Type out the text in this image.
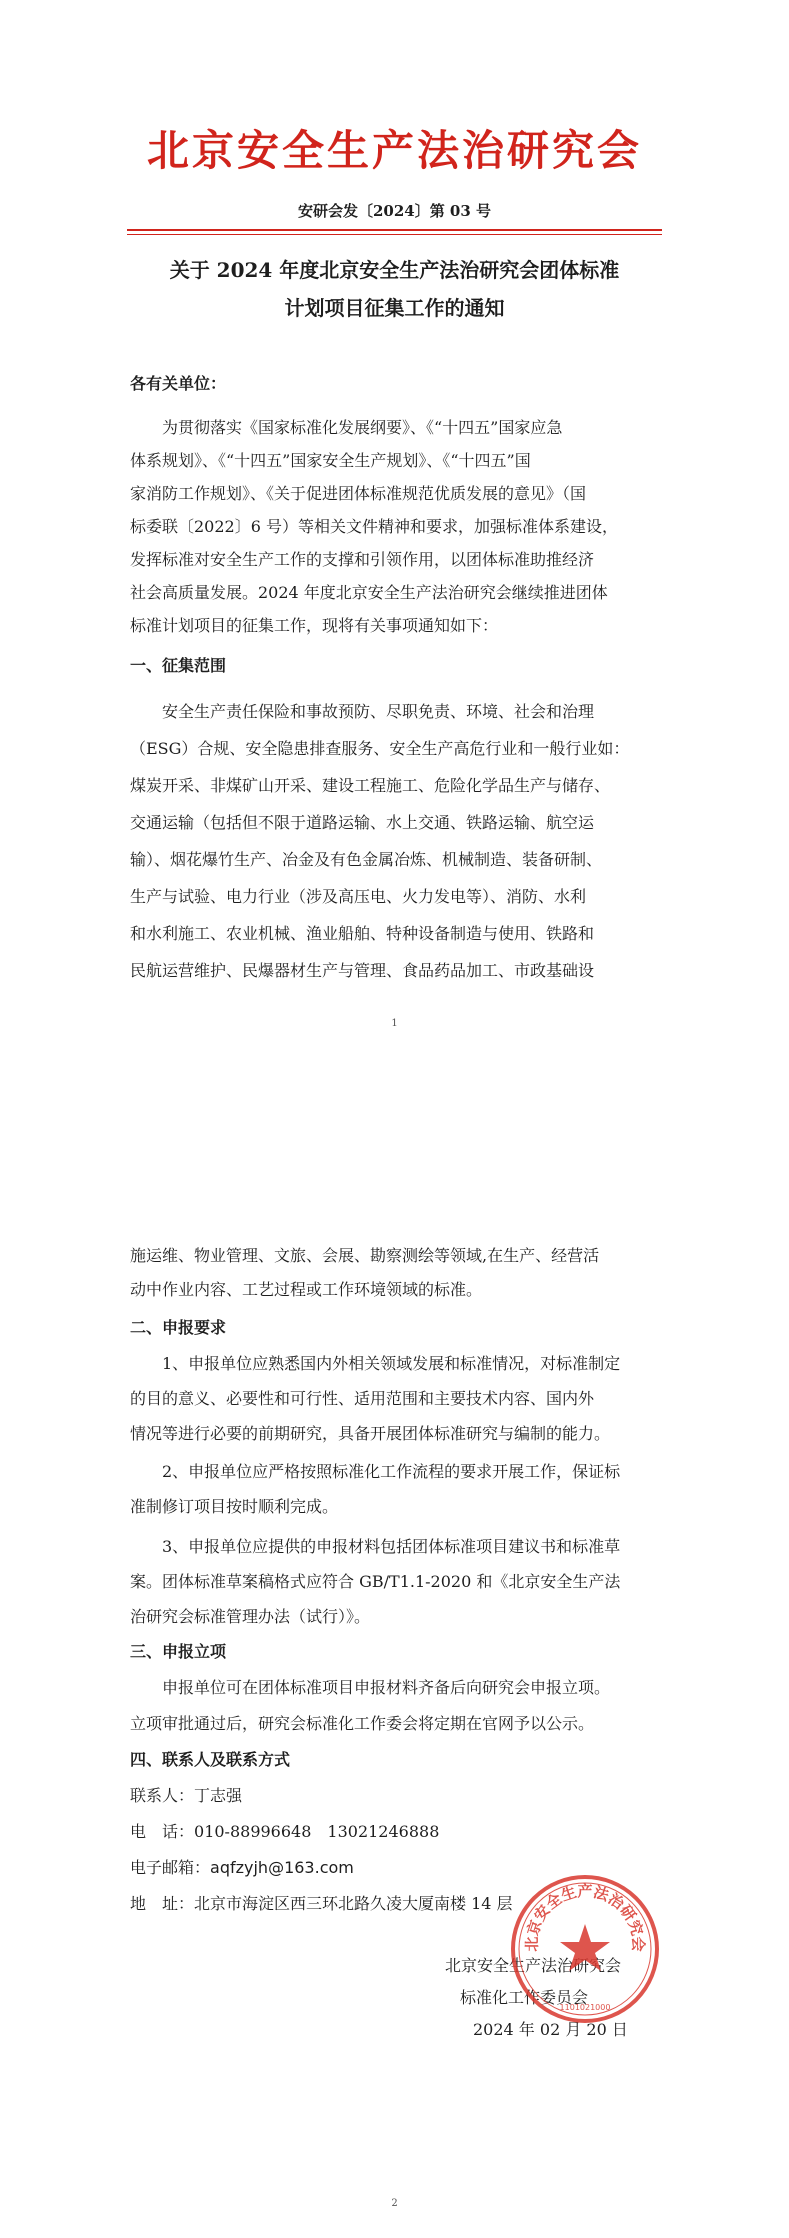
北京安全生产法治研究会
安研会发〔2024〕第 03 号
关于 2024 年度北京安全生产法治研究会团体标准
计划项目征集工作的通知
各有关单位：
为贯彻落实《国家标准化发展纲要》、《“十四五”国家应急
体系规划》、《“十四五”国家安全生产规划》、《“十四五”国
家消防工作规划》、《关于促进团体标准规范优质发展的意见》（国
标委联〔2022〕6 号）等相关文件精神和要求，加强标准体系建设，
发挥标准对安全生产工作的支撑和引领作用，以团体标准助推经济
社会高质量发展。2024 年度北京安全生产法治研究会继续推进团体
标准计划项目的征集工作，现将有关事项通知如下：
一、征集范围
安全生产责任保险和事故预防、尽职免责、环境、社会和治理
（ESG）合规、安全隐患排查服务、安全生产高危行业和一般行业如：
煤炭开采、非煤矿山开采、建设工程施工、危险化学品生产与储存、
交通运输（包括但不限于道路运输、水上交通、铁路运输、航空运
输）、烟花爆竹生产、冶金及有色金属冶炼、机械制造、装备研制、
生产与试验、电力行业（涉及高压电、火力发电等）、消防、水利
和水利施工、农业机械、渔业船舶、特种设备制造与使用、铁路和
民航运营维护、民爆器材生产与管理、食品药品加工、市政基础设
1
施运维、物业管理、文旅、会展、勘察测绘等领域,在生产、经营活
动中作业内容、工艺过程或工作环境领域的标准。
二、申报要求
1、申报单位应熟悉国内外相关领域发展和标准情况，对标准制定
的目的意义、必要性和可行性、适用范围和主要技术内容、国内外
情况等进行必要的前期研究，具备开展团体标准研究与编制的能力。
2、申报单位应严格按照标准化工作流程的要求开展工作，保证标
准制修订项目按时顺利完成。
3、申报单位应提供的申报材料包括团体标准项目建议书和标准草
案。团体标准草案稿格式应符合 GB/T1.1-2020 和《北京安全生产法
治研究会标准管理办法（试行）》。
三、申报立项
申报单位可在团体标准项目申报材料齐备后向研究会申报立项。
立项审批通过后，研究会标准化工作委会将定期在官网予以公示。
四、联系人及联系方式
联系人：丁志强
电　话：010-88996648　13021246888
电子邮箱：aqfzyjh@163.com
地　址：北京市海淀区西三环北路久凌大厦南楼 14 层
北京安全生产法治研究会
标准化工作委员会
2024 年 02 月 20 日
北京安全生产法治研究会
1101021000
2
